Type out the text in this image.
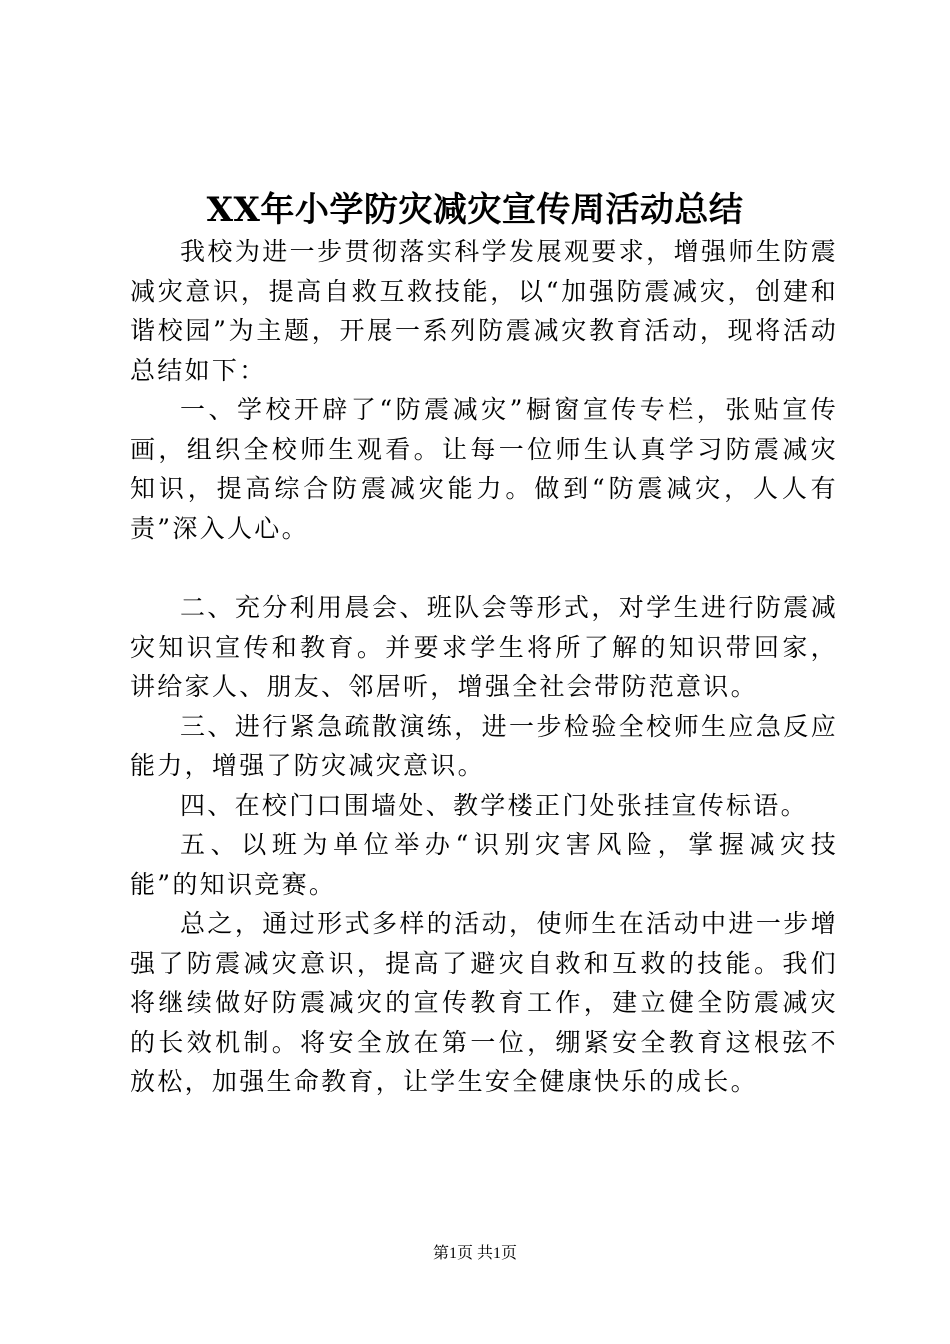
XX年小学防灾减灾宣传周活动总结

我校为进一步贯彻落实科学发展观要求，增强师生防震减灾意识，提高自救互救技能，以“加强防震减灾，创建和谐校园”为主题，开展一系列防震减灾教育活动，现将活动总结如下：

一、学校开辟了“防震减灾”橱窗宣传专栏，张贴宣传画，组织全校师生观看。让每一位师生认真学习防震减灾知识，提高综合防震减灾能力。做到“防震减灾，人人有责”深入人心。

二、充分利用晨会、班队会等形式，对学生进行防震减灾知识宣传和教育。并要求学生将所了解的知识带回家，讲给家人、朋友、邻居听，增强全社会带防范意识。

三、进行紧急疏散演练，进一步检验全校师生应急反应能力，增强了防灾减灾意识。

四、在校门口围墙处、教学楼正门处张挂宣传标语。

五、以班为单位举办“识别灾害风险，掌握减灾技能”的知识竞赛。

总之，通过形式多样的活动，使师生在活动中进一步增强了防震减灾意识，提高了避灾自救和互救的技能。我们将继续做好防震减灾的宣传教育工作，建立健全防震减灾的长效机制。将安全放在第一位，绷紧安全教育这根弦不放松，加强生命教育，让学生安全健康快乐的成长。

第1页 共1页
